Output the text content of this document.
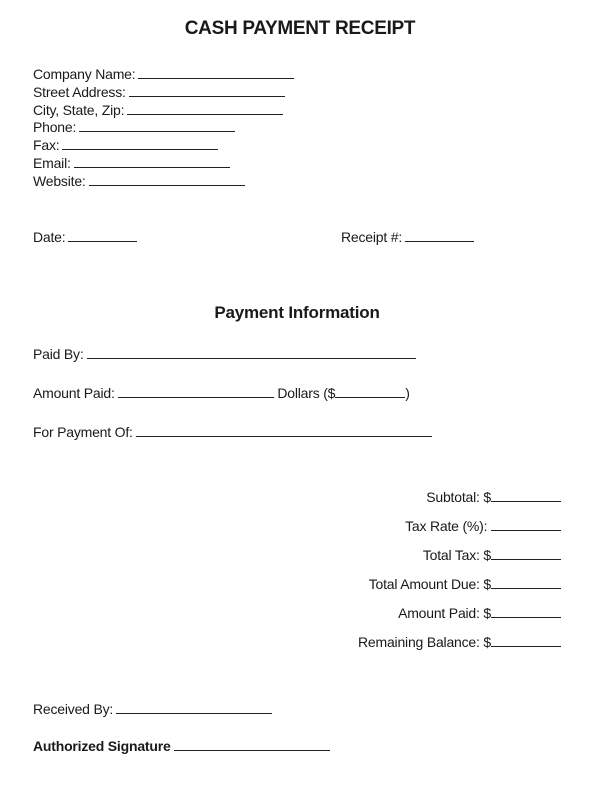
CASH PAYMENT RECEIPT
Company Name:
Street Address:
City, State, Zip:
Phone:
Fax:
Email:
Website:
Date:	Receipt #:
Payment Information
Paid By:
Amount Paid:	Dollars ($	)
For Payment Of:
Subtotal: $
Tax Rate (%):
Total Tax: $
Total Amount Due: $
Amount Paid: $
Remaining Balance: $
Received By:
Authorized Signature
